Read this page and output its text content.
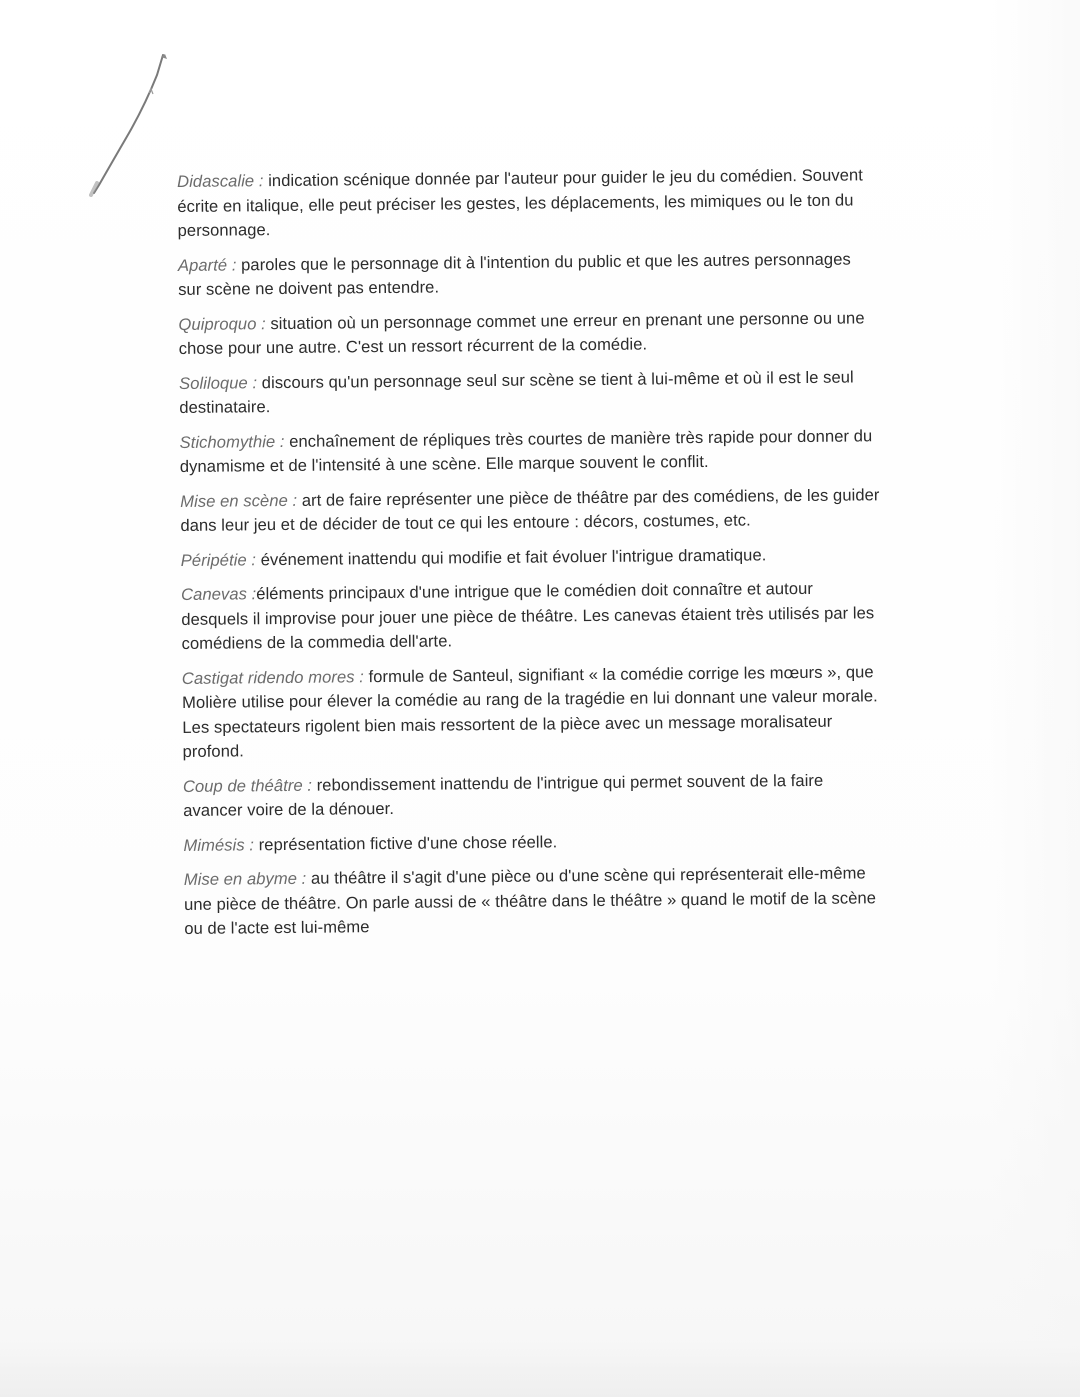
Didascalie : indication scénique donnée par l'auteur pour guider le jeu du comédien. Souvent écrite en italique, elle peut préciser les gestes, les déplacements, les mimiques ou le ton du personnage.

Aparté : paroles que le personnage dit à l'intention du public et que les autres personnages sur scène ne doivent pas entendre.

Quiproquo : situation où un personnage commet une erreur en prenant une personne ou une chose pour une autre. C'est un ressort récurrent de la comédie.

Soliloque : discours qu'un personnage seul sur scène se tient à lui-même et où il est le seul destinataire.

Stichomythie : enchaînement de répliques très courtes de manière très rapide pour donner du dynamisme et de l'intensité à une scène. Elle marque souvent le conflit.

Mise en scène : art de faire représenter une pièce de théâtre par des comédiens, de les guider dans leur jeu et de décider de tout ce qui les entoure : décors, costumes, etc.

Péripétie : événement inattendu qui modifie et fait évoluer l'intrigue dramatique.

Canevas :éléments principaux d'une intrigue que le comédien doit connaître et autour desquels il improvise pour jouer une pièce de théâtre. Les canevas étaient très utilisés par les comédiens de la commedia dell'arte.

Castigat ridendo mores : formule de Santeul, signifiant « la comédie corrige les mœurs », que Molière utilise pour élever la comédie au rang de la tragédie en lui donnant une valeur morale. Les spectateurs rigolent bien mais ressortent de la pièce avec un message moralisateur profond.

Coup de théâtre : rebondissement inattendu de l'intrigue qui permet souvent de la faire avancer voire de la dénouer.

Mimésis : représentation fictive d'une chose réelle.

Mise en abyme : au théâtre il s'agit d'une pièce ou d'une scène qui représenterait elle-même une pièce de théâtre. On parle aussi de « théâtre dans le théâtre » quand le motif de la scène ou de l'acte est lui-même
